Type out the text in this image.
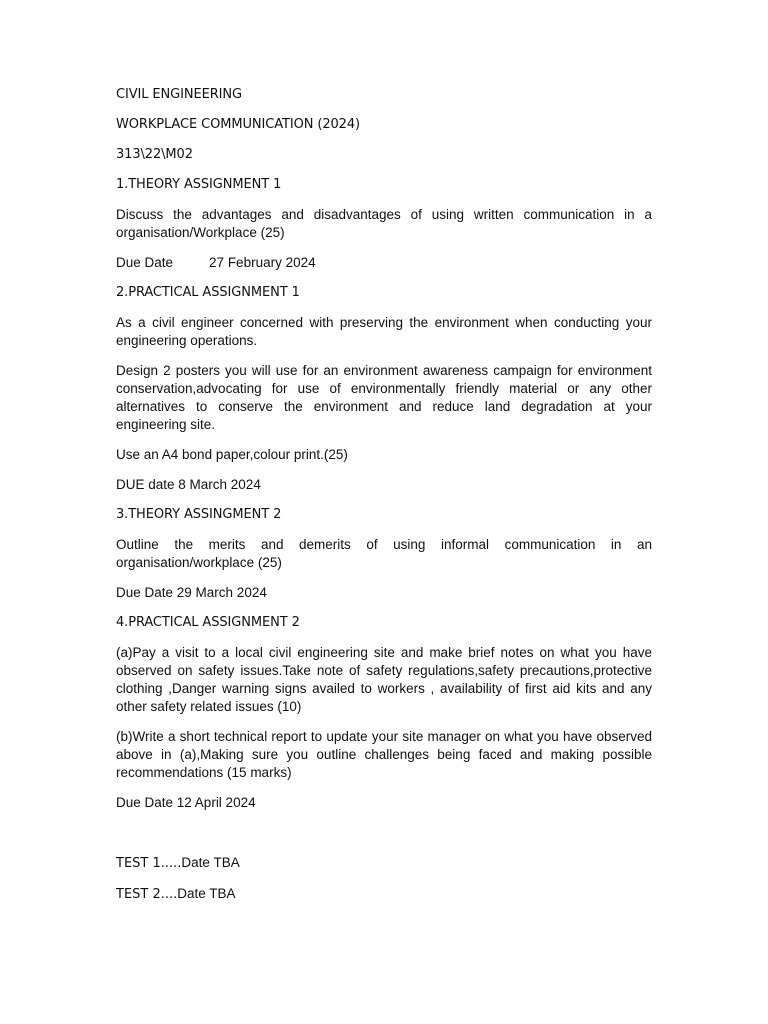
CIVIL ENGINEERING
WORKPLACE COMMUNICATION (2024)
313\22\M02
1.THEORY ASSIGNMENT 1

Discuss the advantages and disadvantages of using written communication in a organisation/Workplace (25)

Due Date	27 February 2024
2.PRACTICAL ASSIGNMENT 1

As a civil engineer concerned with preserving the environment when conducting your engineering operations.

Design 2 posters you will use for an environment awareness campaign for environment conservation,advocating for use of environmentally friendly material or any other alternatives to conserve the environment and reduce land degradation at your engineering site.

Use an A4 bond paper,colour print.(25)

DUE date 8 March 2024
3.THEORY ASSINGMENT 2

Outline the merits and demerits of using informal communication in an organisation/workplace (25)

Due Date 29 March 2024
4.PRACTICAL ASSIGNMENT 2

(a)Pay a visit to a local civil engineering site and make brief notes on what you have observed on safety issues.Take note of safety regulations,safety precautions,protective clothing ,Danger warning signs availed to workers , availability of first aid kits and any other safety related issues (10)

(b)Write a short technical report to update your site manager on what you have observed above in (a),Making sure you outline challenges being faced and making possible recommendations (15 marks)

Due Date 12 April 2024
TEST 1.....Date TBA
TEST 2....Date TBA
